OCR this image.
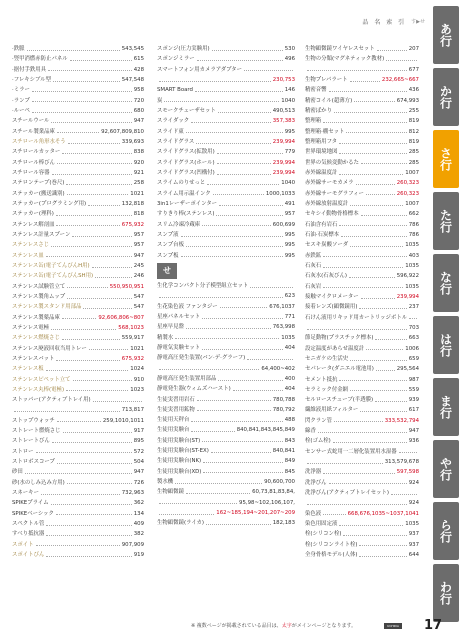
品 名 索 引 す▶せ
あ行
か行
さ行
た行
な行
は行
ま行
や行
ら行
わ行
·鉄脈	543,545
·竪甲消燃赤防止パネル	615
·据付手鉄用具	428
·フレキシブル型	547,548
·ミラー	958
·ランプ	720
·ルーペ	680
スチールウール	947
スチール製業品庫	92,607,809,810
スチロール角形水そう	339,693
スチロールカッター	838
スチロール棒びん	920
スチロール容器	921
ステロンテープ(巻尺)	258
ステッカー(搬送識別)	1021
ステッカー(プログラミング用)	132,818
ステッカー(理科)	818
ステンレス解剖皿	675,932
ステンレス計量スプーン	957
ステンレスさじ	957
ステンレス皿	947
ステンレス缶(電子てんびんH用)	245
ステンレス缶(電子てんびんSH用)	246
ステンレス試験管立て	550,950,951
ステンレス製角ムップ	547
ステンレス製スタンド用部品	547
ステンレス製薬品庫	92,606,806~807
ステンレス電極	568,1023
ステンレス燃焼さじ	559,917
ステンレス廃液回収当用トレー	1021
ステンレスバット	675,932
ステンレス板	1024
ステンレスピペット立て	910
ステンレス丸棒(電極)	1023
ストッパー(アクティブトレイ用)
713,817
ストップウォッチ	259,1010,1011
ストレート燃焼さじ	917
ストレートびん	895
ストロー	572
ストロボスコープ	504
砂田	947
砂(水のしみ込み方用)	726
スネーキー	732,963
SPIKEプライム	362
SPIKEベーシック	134
スペクトル管	409
すべり抵抗器	382
スポイト	907,909
スポイトびん	919
スポンジ(圧力実験用)	530
スポンジミラー	496
スマートフォン用カメラアダプター
230,753
SMART Board	146
炭	1040
スモークチェーザセット	490,513
スライダック	357,383
スライド東	995
スライドグラス	239,994
スライドグラス(拡散用)	779
スライドグラス(ホール)	239,994
スライドグラス(凹構付)	239,994
スライムのりせっと	1040
スライム用示温インク	1000,1033
3in1レーザーポインター	491
すりきり棒(ステンレス)	957
スリム冷凍冷蔵庫	600,699
スンプ液	995
スンプ台板	995
スンプ板	995
せ
生化学コンパクト分子模型組立セット
623
生花染色液 ファンタジー	676,1037
星座パネルセット	771
星座早見盤	763,998
精製水	1035
静電気実験セット	404
静電高圧発生装置(バン·デ·グラーフ)
64,400~402
静電高圧発生装置用部品	400
静電発生器(ウィムズハースト)	404
生徒実習用岩石	780,788
生徒実習用鉱物	780,792
生徒用天秤台	488
生徒用実験台	840,841,843,845,849
生徒用実験台(ST)	843
生徒用実験台(ST-EX)	840,841
生徒用実験台(NK)	849
生徒用実験台(XD)	845
製水機	90,600,700
生物顕微鏡	60,73,81,83,84,
95,98~102,106,107,
162~185,194~201,207~209
生物顕微鏡(ライカ)	182,183
生物顕微鏡ワイヤレスセット	207
生物の分類(マグネティック教材)
677
生物プレパラート	232,665~667
精密音響	436
精密コイル(超薄方)	674,993
精密ばかり	255
整理箱	819
整理箱·棚セット	812
整理箱用フタ	819
世界環境地図	285
世界の気候変動かるた	285
赤外線温度計	1007
赤外線サーモカメラ	260,323
赤外線サーモグラフィー	260,323
赤外線放射温度計	1007
セキシイ動物骨格標本	662
石油含有岩石	786
石油·石炭標本	786
セスキ炭酸ソーダ	1035
赤鉄鉱	403
石灰石	1035
石灰水(石灰びん)	596,922
石灰岩	1035
接触マイクロメーター	239,994
接着レンズ(顕微鏡用)	237
石けん液用リキッド用カートリッジボトル
703
節足動物(プラスチック標本)	663
設定温度があらせ温度計	1006
セニガケの生活史	659
セパレータ(ダニエル電池用)	295,564
セメント抵抗	987
セラミック付金網	559
セルロースチューブ(半透膜)	939
繊維液用紙フィルター	617
閃クラン管	333,532,794
線香	947
栓(ゴム栓)	936
センサー式蛇用一二層化装置用水湿器
313,579,678
洗浄器	597,598
洗浄びん	924
洗浄びん(アクティブトレイセット)
924
染色液	668,676,1035~1037,1041
染色用固定液	1035
栓(シリコン栓)	937
栓(シリコンライト栓)	937
全身骨格モデル(人体)	644
※ 複数ページが掲載されている品目は、太字がメインページとなります。	UCHIDA 17
